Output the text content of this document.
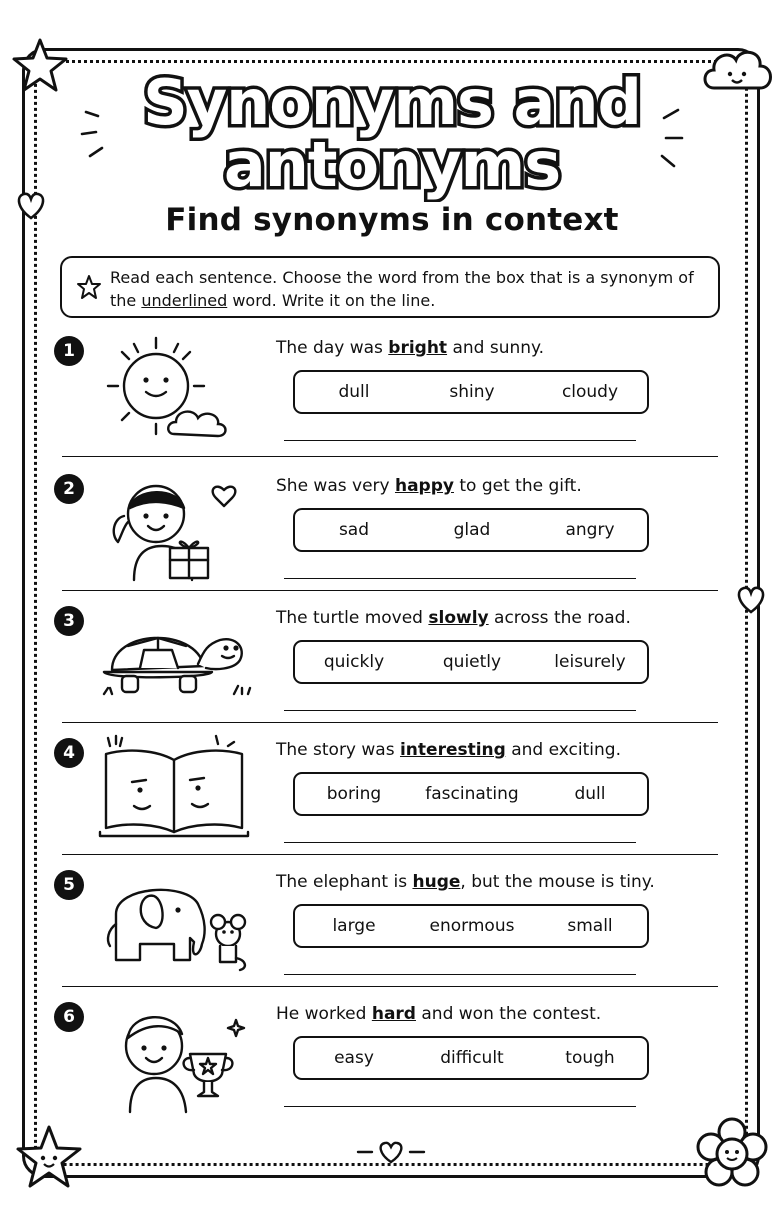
Synonyms and
antonyms
Find synonyms in context
Read each sentence. Choose the word from the box that is a synonym of the underlined word. Write it on the line.
1	The day was bright and sunny.
dull	shiny	cloudy
2	She was very happy to get the gift.
sad	glad	angry
3	The turtle moved slowly across the road.
quickly	quietly	leisurely
4	The story was interesting and exciting.
boring	fascinating	dull
5	The elephant is huge, but the mouse is tiny.
large	enormous	small
6	He worked hard and won the contest.
easy	difficult	tough
